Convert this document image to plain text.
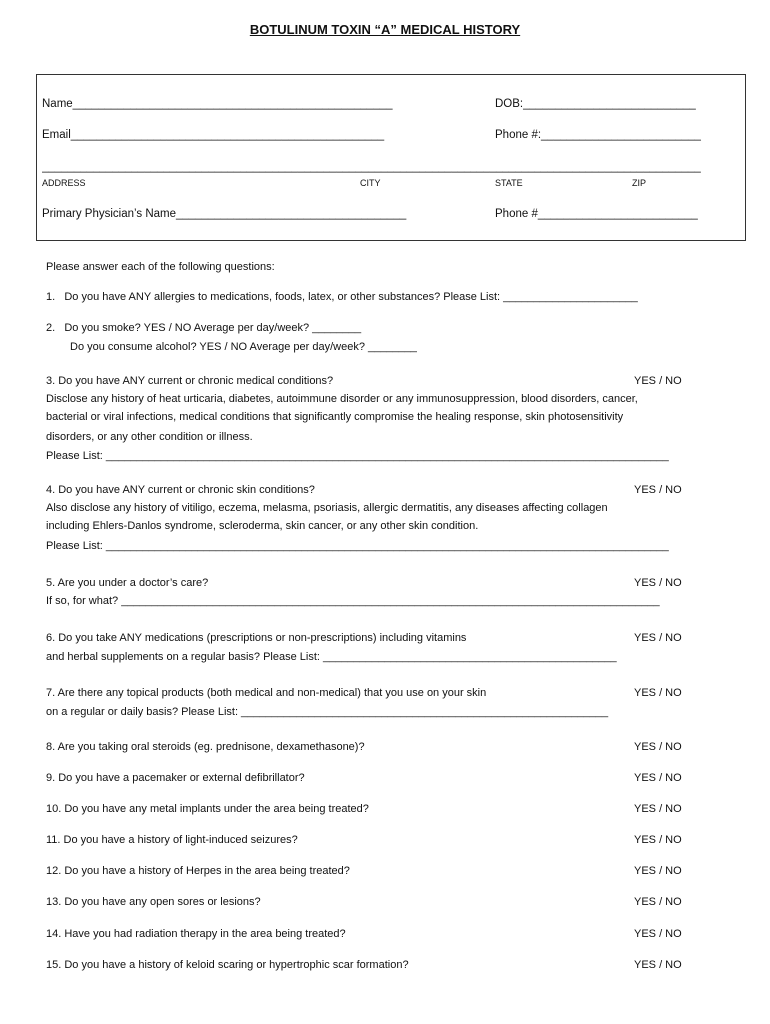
BOTULINUM TOXIN “A” MEDICAL HISTORY
Name__________________________________________________	DOB:___________________________
Email_________________________________________________	Phone #:_________________________
_______________________________________________________________________________________________________
ADDRESS	CITY	STATE	ZIP
Primary Physician’s Name____________________________________	Phone #_________________________
Please answer each of the following questions:
1.   Do you have ANY allergies to medications, foods, latex, or other substances? Please List: ______________________
2.   Do you smoke? YES / NO Average per day/week? ________
Do you consume alcohol? YES / NO Average per day/week? ________
3. Do you have ANY current or chronic medical conditions?	YES / NO
Disclose any history of heat urticaria, diabetes, autoimmune disorder or any immunosuppression, blood disorders, cancer,
bacterial or viral infections, medical conditions that significantly compromise the healing response, skin photosensitivity
disorders, or any other condition or illness.
Please List: ____________________________________________________________________________________________
4. Do you have ANY current or chronic skin conditions?	YES / NO
Also disclose any history of vitiligo, eczema, melasma, psoriasis, allergic dermatitis, any diseases affecting collagen
including Ehlers-Danlos syndrome, scleroderma, skin cancer, or any other skin condition.
Please List: ____________________________________________________________________________________________
5. Are you under a doctor’s care?	YES / NO
If so, for what? ________________________________________________________________________________________
6. Do you take ANY medications (prescriptions or non-prescriptions) including vitamins	YES / NO
and herbal supplements on a regular basis? Please List: ________________________________________________
7. Are there any topical products (both medical and non-medical) that you use on your skin	YES / NO
on a regular or daily basis? Please List: ____________________________________________________________
8. Are you taking oral steroids (eg. prednisone, dexamethasone)?	YES / NO
9. Do you have a pacemaker or external defibrillator?	YES / NO
10. Do you have any metal implants under the area being treated?	YES / NO
11. Do you have a history of light-induced seizures?	YES / NO
12. Do you have a history of Herpes in the area being treated?	YES / NO
13. Do you have any open sores or lesions?	YES / NO
14. Have you had radiation therapy in the area being treated?	YES / NO
15. Do you have a history of keloid scaring or hypertrophic scar formation?	YES / NO
